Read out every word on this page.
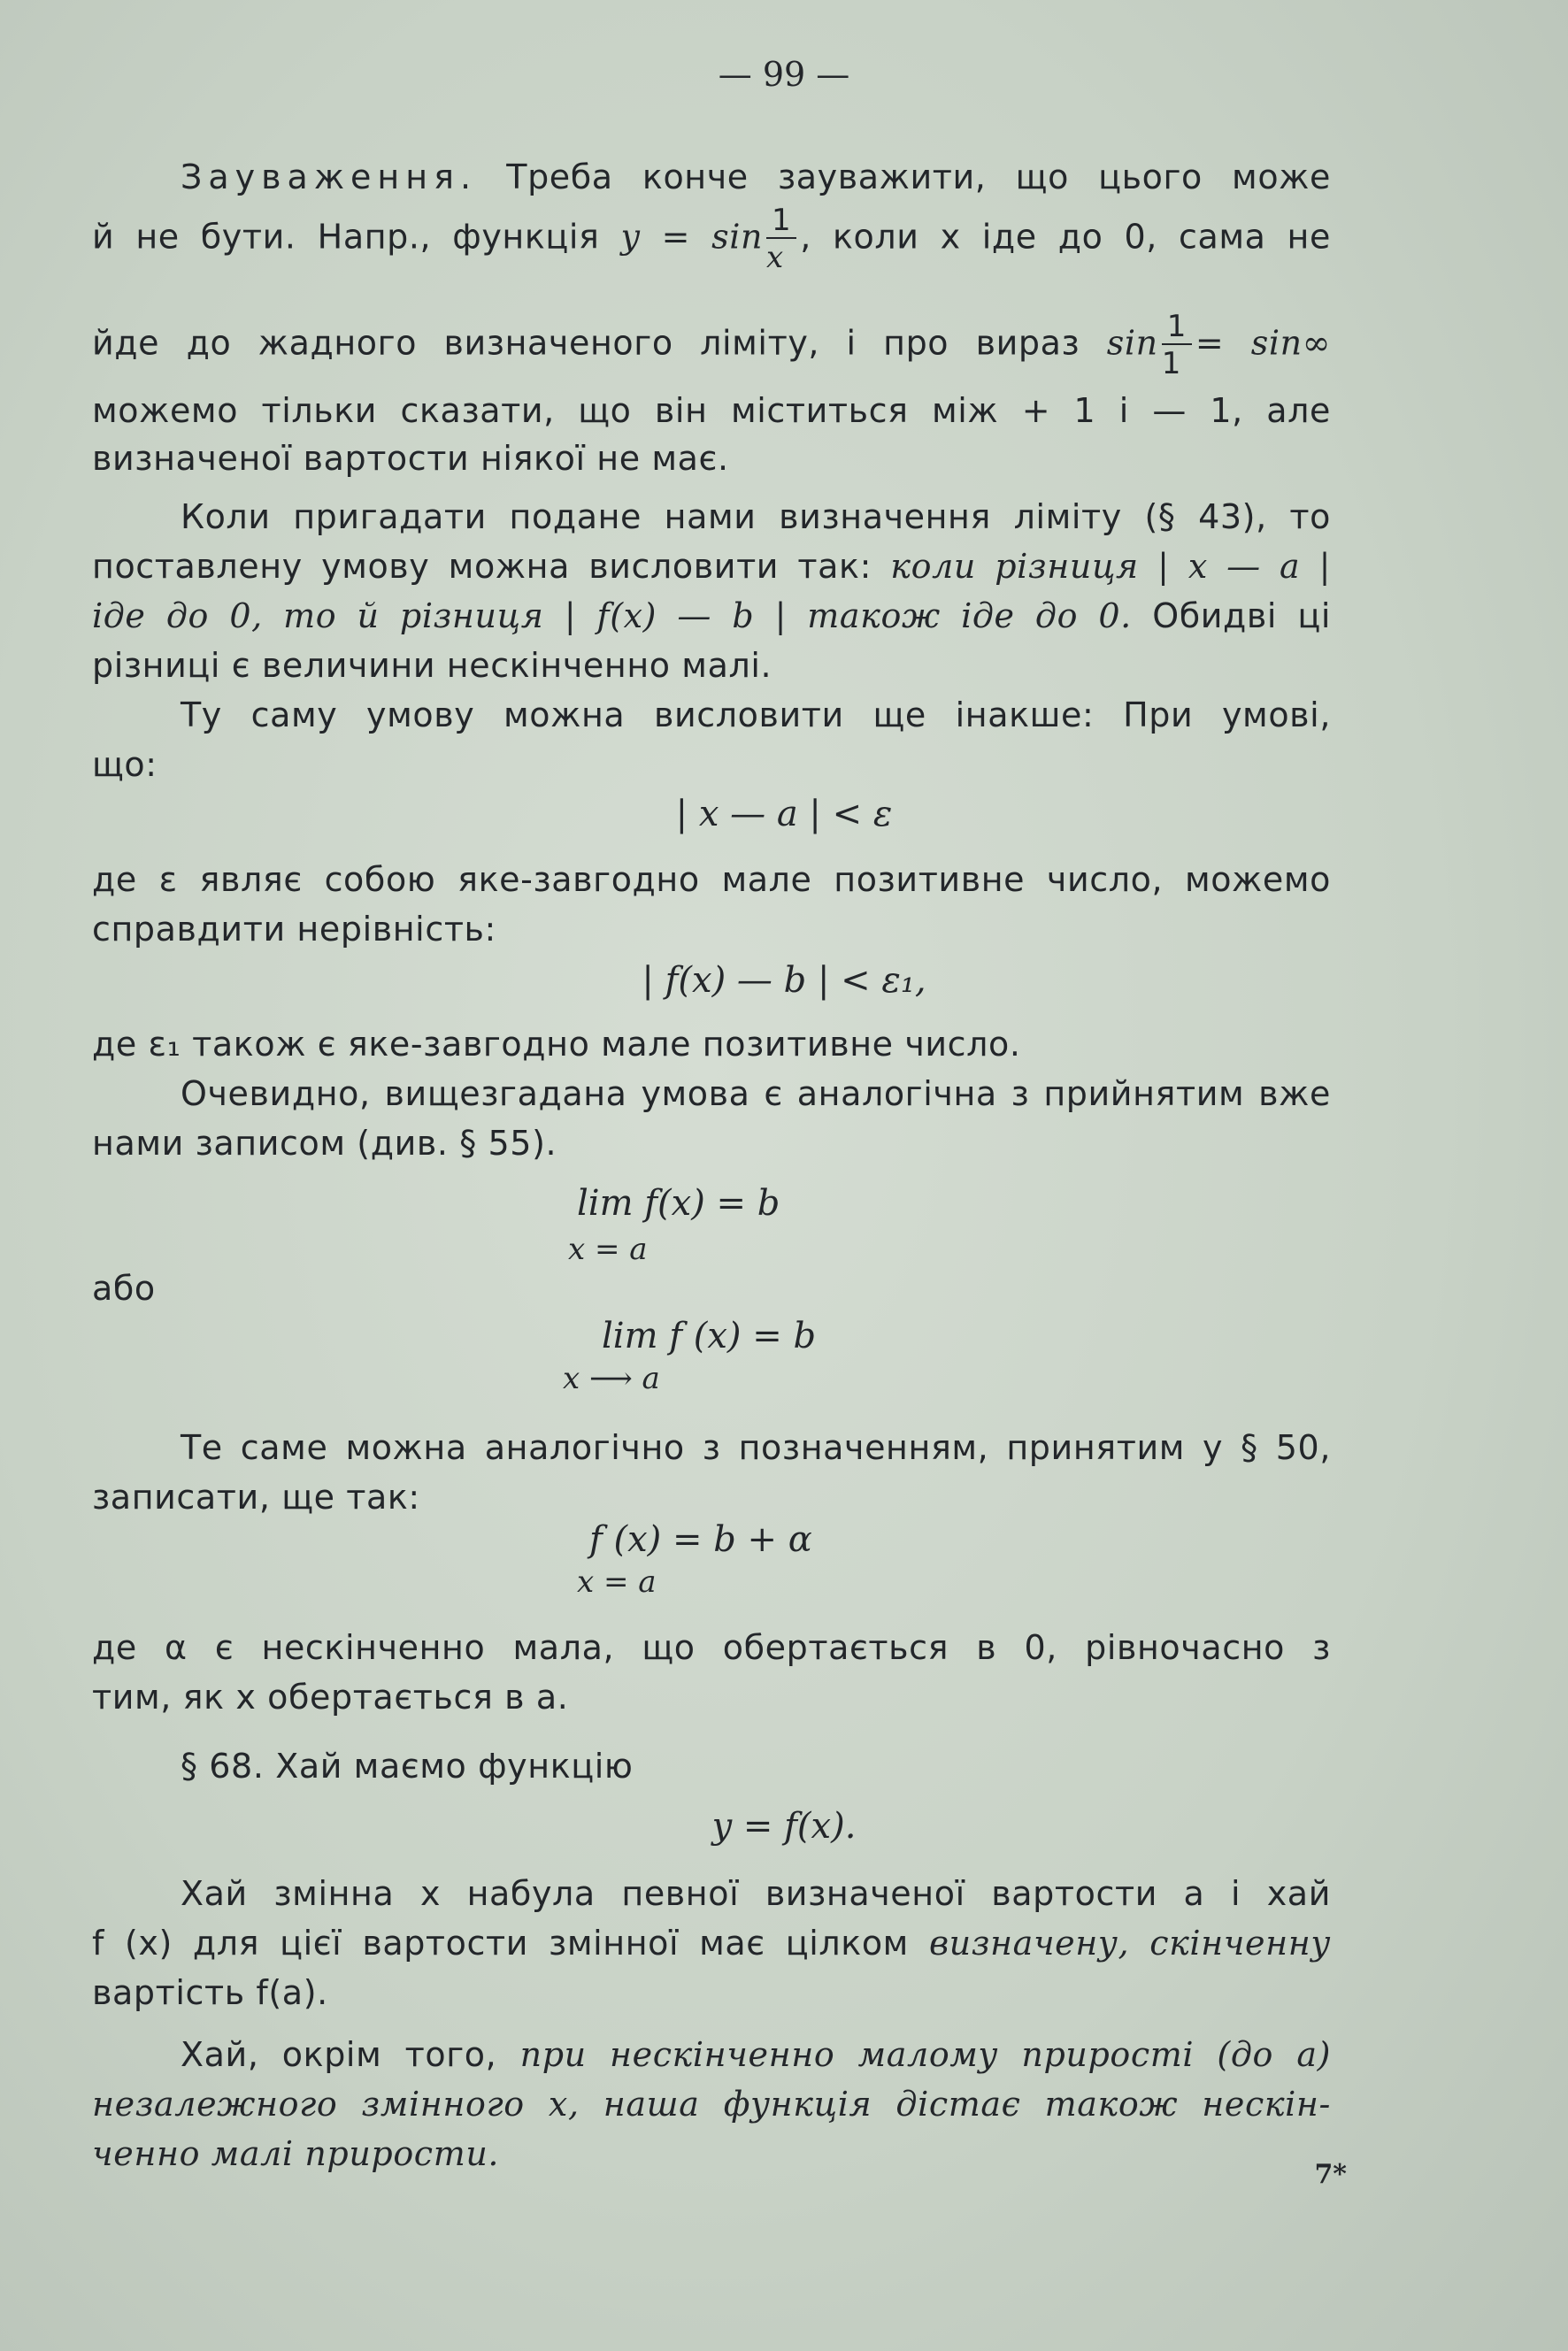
— 99 —
Зауваження. Треба конче зауважити, що цього може
й не бути. Напр., функція $y = \sin \frac{1}{x}$ , коли x іде до 0, сама не
йде до жадного визначеного ліміту, і про вираз $\sin \frac{1}{1} = \sin\infty$
можемо тільки сказати, що він міститься між + 1 і — 1, але
визначеної вартости ніякої не має.
Коли пригадати подане нами визначення ліміту (§ 43), то
поставлену умову можна висловити так: коли різниця | x — a |
іде до 0, то й різниця | f(x) — b | також іде до 0. Обидві ці
різниці є величини нескінченно малі.
Ту саму умову можна висловити ще інакше: При умові,
що:
| x — a | < ε
де ε являє собою яке-завгодно мале позитивне число, можемо
справдити нерівність:
| f(x) — b | < ε₁,
де ε₁ також є яке-завгодно мале позитивне число.
Очевидно, вищезгадана умова є аналогічна з прийнятим вже
нами записом (див. § 55).
lim f(x) = b
x = a
або
lim f (x) = b
x ⟶ a
Те саме можна аналогічно з позначенням, принятим у § 50,
записати, ще так:
f (x) = b + α
x = a
де α є нескінченно мала, що обертається в 0, рівночасно з
тим, як x обертається в a.
§ 68. Хай маємо функцію
y = f(x).
Хай змінна x набула певної визначеної вартости a і хай
f (x) для цієї вартости змінної має цілком визначену, скінченну
вартість f(a).
Хай, окрім того, при нескінченно малому прирості (до a)
незалежного змінного x, наша функція дістає також нескін-
ченно малі прирости.
7*
